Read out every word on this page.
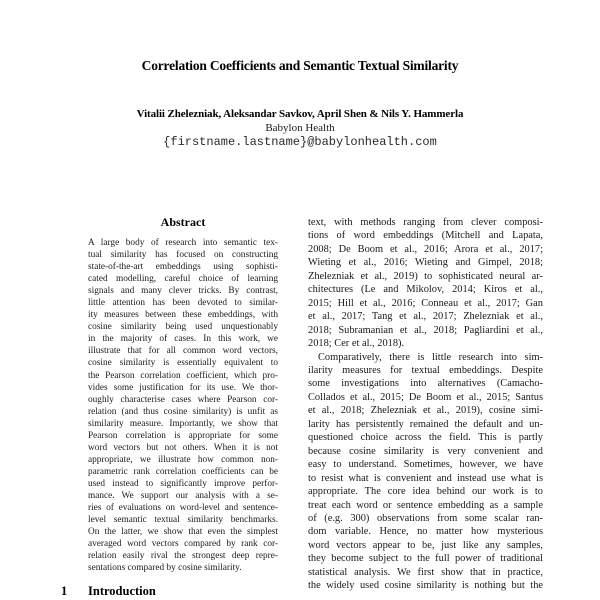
Correlation Coefficients and Semantic Textual Similarity
Vitalii Zhelezniak, Aleksandar Savkov, April Shen & Nils Y. Hammerla
Babylon Health
{firstname.lastname}@babylonhealth.com
Abstract
A large body of research into semantic tex-
tual similarity has focused on constructing
state-of-the-art embeddings using sophisti-
cated modelling, careful choice of learning
signals and many clever tricks. By contrast,
little attention has been devoted to similar-
ity measures between these embeddings, with
cosine similarity being used unquestionably
in the majority of cases. In this work, we
illustrate that for all common word vectors,
cosine similarity is essentially equivalent to
the Pearson correlation coefficient, which pro-
vides some justification for its use. We thor-
oughly characterise cases where Pearson cor-
relation (and thus cosine similarity) is unfit as
similarity measure. Importantly, we show that
Pearson correlation is appropriate for some
word vectors but not others. When it is not
appropriate, we illustrate how common non-
parametric rank correlation coefficients can be
used instead to significantly improve perfor-
mance. We support our analysis with a se-
ries of evaluations on word-level and sentence-
level semantic textual similarity benchmarks.
On the latter, we show that even the simplest
averaged word vectors compared by rank cor-
relation easily rival the strongest deep repre-
sentations compared by cosine similarity.
1	Introduction
text, with methods ranging from clever composi-
tions of word embeddings (Mitchell and Lapata,
2008; De Boom et al., 2016; Arora et al., 2017;
Wieting et al., 2016; Wieting and Gimpel, 2018;
Zhelezniak et al., 2019) to sophisticated neural ar-
chitectures (Le and Mikolov, 2014; Kiros et al.,
2015; Hill et al., 2016; Conneau et al., 2017; Gan
et al., 2017; Tang et al., 2017; Zhelezniak et al.,
2018; Subramanian et al., 2018; Pagliardini et al.,
2018; Cer et al., 2018).
Comparatively, there is little research into sim-
ilarity measures for textual embeddings. Despite
some investigations into alternatives (Camacho-
Collados et al., 2015; De Boom et al., 2015; Santus
et al., 2018; Zhelezniak et al., 2019), cosine simi-
larity has persistently remained the default and un-
questioned choice across the field. This is partly
because cosine similarity is very convenient and
easy to understand. Sometimes, however, we have
to resist what is convenient and instead use what is
appropriate. The core idea behind our work is to
treat each word or sentence embedding as a sample
of (e.g. 300) observations from some scalar ran-
dom variable. Hence, no matter how mysterious
word vectors appear to be, just like any samples,
they become subject to the full power of traditional
statistical analysis. We first show that in practice,
the widely used cosine similarity is nothing but the
